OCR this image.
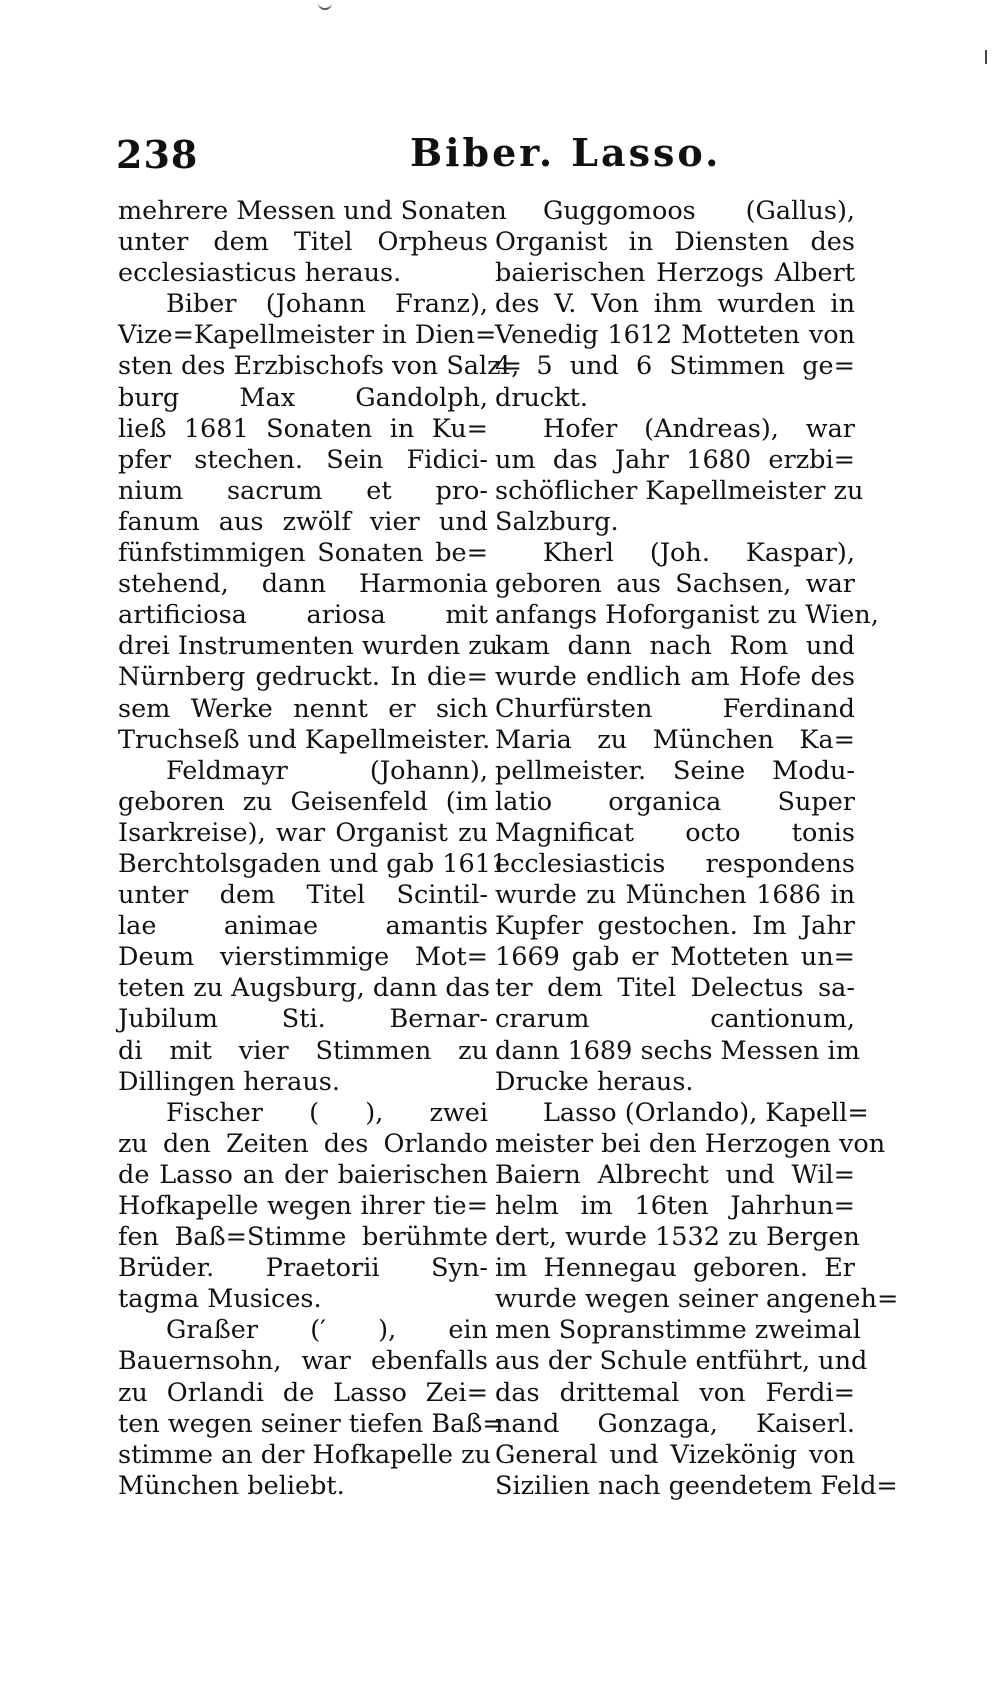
238	Biber. Lasso.
mehrere Messen und Sonaten
unter dem Titel Orpheus
ecclesiasticus heraus.
Biber (Johann Franz),
Vize=Kapellmeister in Dien=
sten des Erzbischofs von Salz=
burg Max Gandolph,
ließ 1681 Sonaten in Ku=
pfer stechen. Sein Fidici-
nium sacrum et pro-
fanum aus zwölf vier und
fünfstimmigen Sonaten be=
stehend, dann Harmonia
artificiosa ariosa mit
drei Instrumenten wurden zu
Nürnberg gedruckt. In die=
sem Werke nennt er sich
Truchseß und Kapellmeister.
Feldmayr (Johann),
geboren zu Geisenfeld (im
Isarkreise), war Organist zu
Berchtolsgaden und gab 1611
unter dem Titel Scintil-
lae animae amantis
Deum vierstimmige Mot=
teten zu Augsburg, dann das
Jubilum Sti. Bernar-
di mit vier Stimmen zu
Dillingen heraus.
Fischer ( ), zwei
zu den Zeiten des Orlando
de Lasso an der baierischen
Hofkapelle wegen ihrer tie=
fen Baß=Stimme berühmte
Brüder. Praetorii Syn-
tagma Musices.
Graßer (′ ), ein
Bauernsohn, war ebenfalls
zu Orlandi de Lasso Zei=
ten wegen seiner tiefen Baß=
stimme an der Hofkapelle zu
München beliebt.
Guggomoos (Gallus),
Organist in Diensten des
baierischen Herzogs Albert
des V. Von ihm wurden in
Venedig 1612 Motteten von
4, 5 und 6 Stimmen ge=
druckt.
Hofer (Andreas), war
um das Jahr 1680 erzbi=
schöflicher Kapellmeister zu
Salzburg.
Kherl (Joh. Kaspar),
geboren aus Sachsen, war
anfangs Hoforganist zu Wien,
kam dann nach Rom und
wurde endlich am Hofe des
Churfürsten Ferdinand
Maria zu München Ka=
pellmeister. Seine Modu-
latio organica Super
Magnificat octo tonis
ecclesiasticis respondens
wurde zu München 1686 in
Kupfer gestochen. Im Jahr
1669 gab er Motteten un=
ter dem Titel Delectus sa-
crarum cantionum,
dann 1689 sechs Messen im
Drucke heraus.
Lasso (Orlando), Kapell=
meister bei den Herzogen von
Baiern Albrecht und Wil=
helm im 16ten Jahrhun=
dert, wurde 1532 zu Bergen
im Hennegau geboren. Er
wurde wegen seiner angeneh=
men Sopranstimme zweimal
aus der Schule entführt, und
das drittemal von Ferdi=
nand Gonzaga, Kaiserl.
General und Vizekönig von
Sizilien nach geendetem Feld=
